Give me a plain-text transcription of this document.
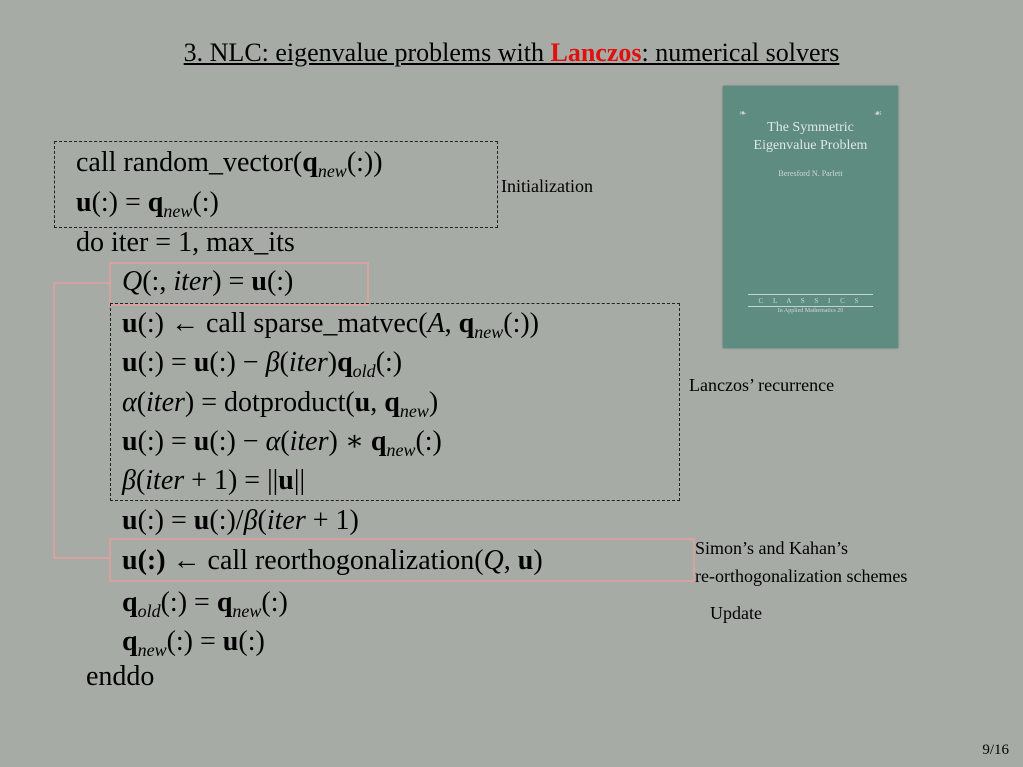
3. NLC: eigenvalue problems with Lanczos: numerical solvers
call $random\_vector(q_{new}(:))$
u(:) = $q_{new}(:)$
do iter = 1, max_its
Q(:, iter) = u(:)
u(:) ← call sparse_matvec(A, $q_{new}(:)$)
u(:) = u(:) − $\beta(iter)q_{old}(:)$
α(iter) = dotproduct(u, $q_{new}$)
u(:) = u(:) − α(iter) ∗ $q_{new}(:)$
β(iter + 1) = ||u||
u(:) = u(:)/β(iter + 1)
u(:) ← call reorthogonalization(Q, u)
$q_{old}(:)$ = $q_{new}(:)$
$q_{new}(:)$ = u(:)
enddo
Initialization
Lanczos’ recurrence
Simon’s and Kahan’s
re-orthogonalization schemes
Update
❧	☙
The Symmetric
Eigenvalue Problem
Beresford N. Parlett
C L A S S I C S
In Applied Mathematics 20
9/16
